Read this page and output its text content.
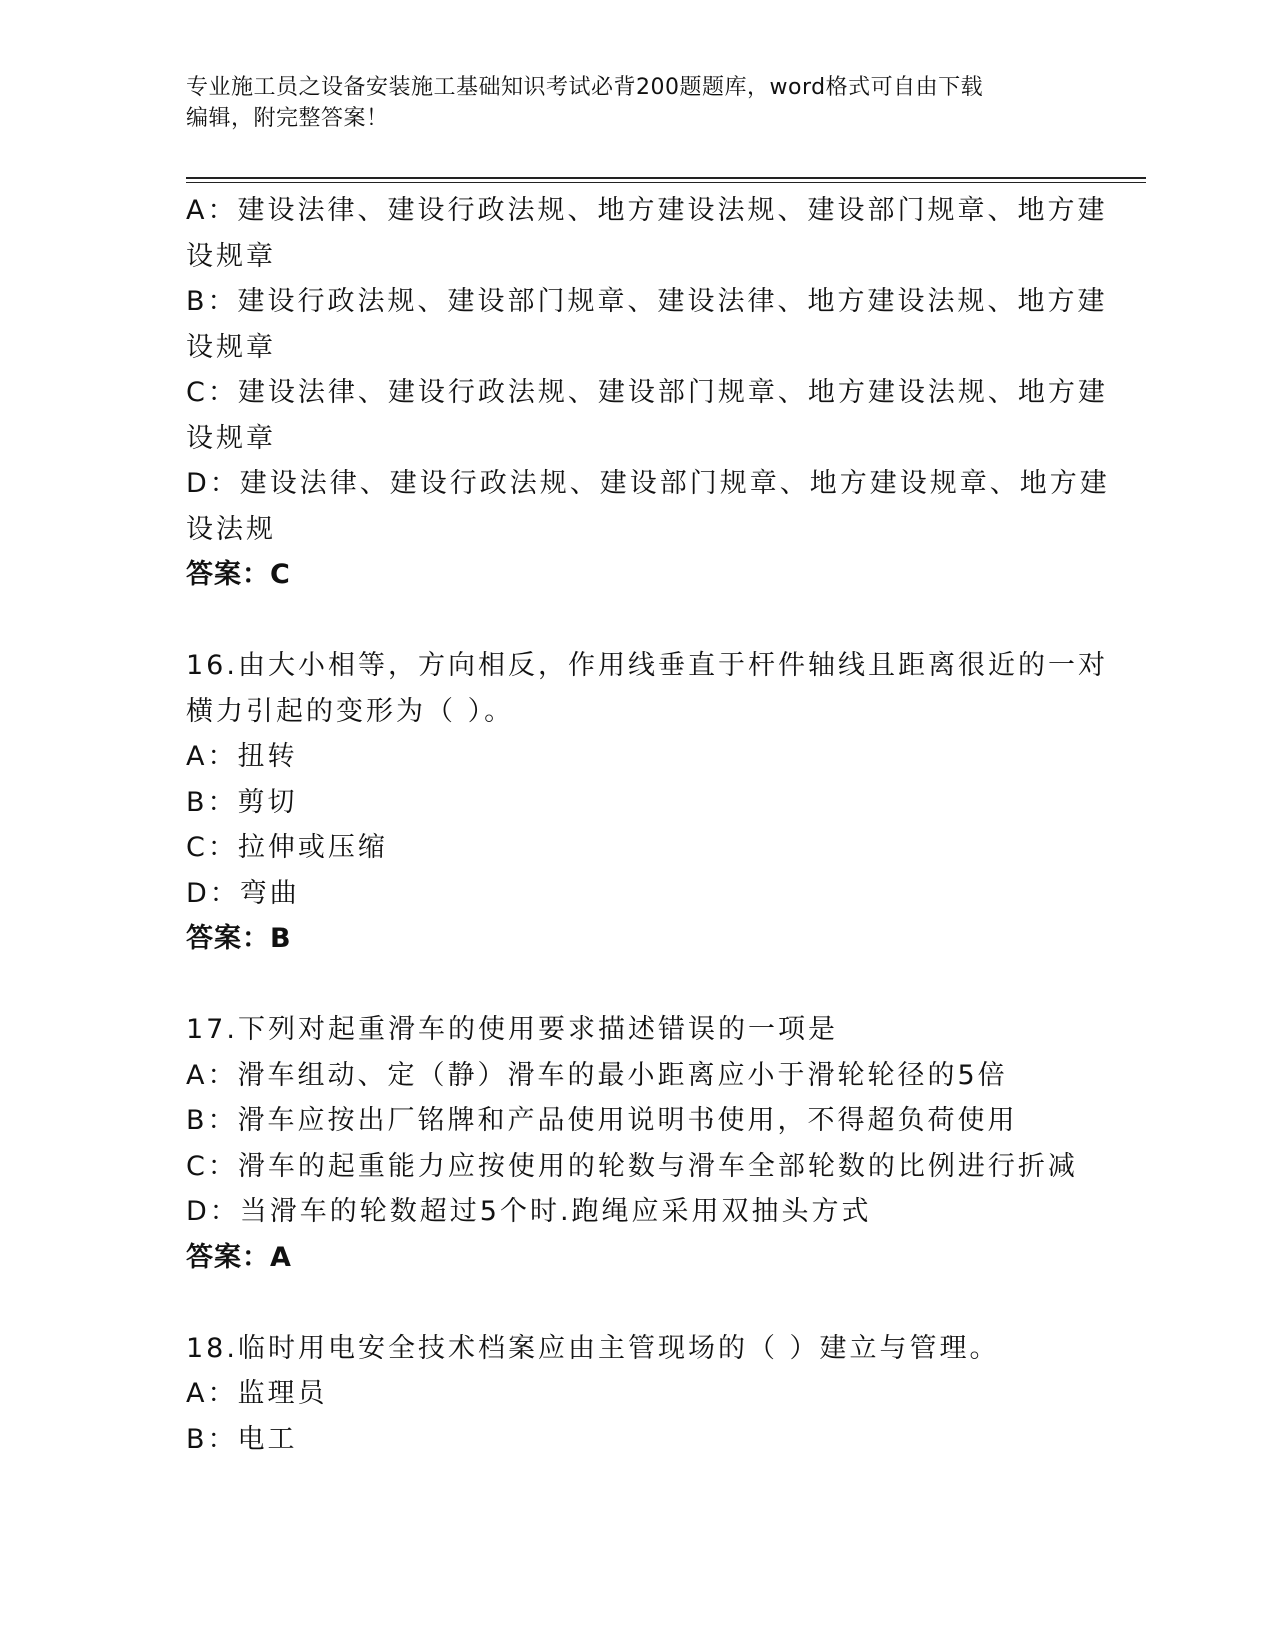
专业施工员之设备安装施工基础知识考试必背200题题库，word格式可自由下载
编辑，附完整答案！

A：建设法律、建设行政法规、地方建设法规、建设部门规章、地方建

设规章

B：建设行政法规、建设部门规章、建设法律、地方建设法规、地方建

设规章

C：建设法律、建设行政法规、建设部门规章、地方建设法规、地方建

设规章

D：建设法律、建设行政法规、建设部门规章、地方建设规章、地方建

设法规

答案：C

16.由大小相等，方向相反，作用线垂直于杆件轴线且距离很近的一对

横力引起的变形为（ ）。

A：扭转

B：剪切

C：拉伸或压缩

D：弯曲

答案：B

17.下列对起重滑车的使用要求描述错误的一项是

A：滑车组动、定（静）滑车的最小距离应小于滑轮轮径的5倍

B：滑车应按出厂铭牌和产品使用说明书使用，不得超负荷使用

C：滑车的起重能力应按使用的轮数与滑车全部轮数的比例进行折减

D：当滑车的轮数超过5个时.跑绳应采用双抽头方式

答案：A

18.临时用电安全技术档案应由主管现场的（ ）建立与管理。

A：监理员

B：电工
